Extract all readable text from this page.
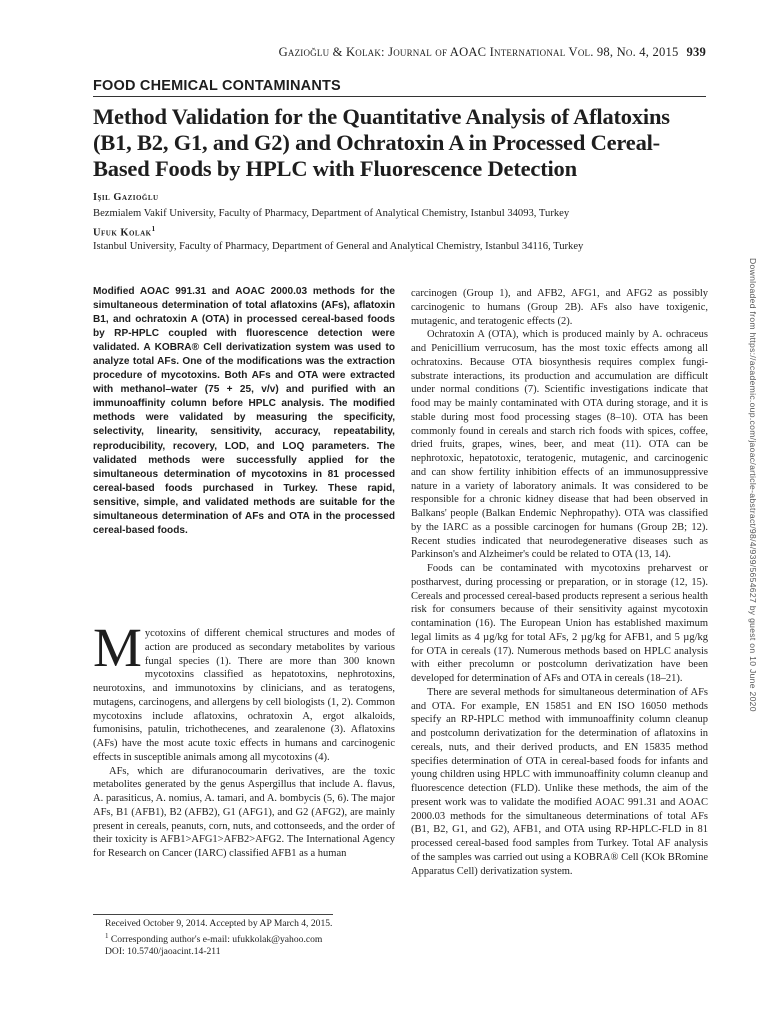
Gazioğlu & Kolak: Journal of AOAC International Vol. 98, No. 4, 2015 939
FOOD CHEMICAL CONTAMINANTS
Method Validation for the Quantitative Analysis of Aflatoxins (B1, B2, G1, and G2) and Ochratoxin A in Processed Cereal-Based Foods by HPLC with Fluorescence Detection
Işil Gazioğlu
Bezmialem Vakif University, Faculty of Pharmacy, Department of Analytical Chemistry, Istanbul 34093, Turkey
Ufuk Kolak$^1$
Istanbul University, Faculty of Pharmacy, Department of General and Analytical Chemistry, Istanbul 34116, Turkey
Modified AOAC 991.31 and AOAC 2000.03 methods for the simultaneous determination of total aflatoxins (AFs), aflatoxin B1, and ochratoxin A (OTA) in processed cereal-based foods by RP-HPLC coupled with fluorescence detection were validated. A KOBRA® Cell derivatization system was used to analyze total AFs. One of the modifications was the extraction procedure of mycotoxins. Both AFs and OTA were extracted with methanol–water (75 + 25, v/v) and purified with an immunoaffinity column before HPLC analysis. The modified methods were validated by measuring the specificity, selectivity, linearity, sensitivity, accuracy, repeatability, reproducibility, recovery, LOD, and LOQ parameters. The validated methods were successfully applied for the simultaneous determination of mycotoxins in 81 processed cereal-based foods purchased in Turkey. These rapid, sensitive, simple, and validated methods are suitable for the simultaneous determination of AFs and OTA in the processed cereal-based foods.

Mycotoxins of different chemical structures and modes of action are produced as secondary metabolites by various fungal species (1). There are more than 300 known mycotoxins classified as hepatotoxins, nephrotoxins, neurotoxins, and immunotoxins by clinicians, and as teratogens, mutagens, carcinogens, and allergens by cell biologists (1, 2). Common mycotoxins include aflatoxins, ochratoxin A, ergot alkaloids, fumonisins, patulin, trichothecenes, and zearalenone (3). Aflatoxins (AFs) have the most acute toxic effects in humans and carcinogenic effects in susceptible animals among all mycotoxins (4).

AFs, which are difuranocoumarin derivatives, are the toxic metabolites generated by the genus Aspergillus that include A. flavus, A. parasiticus, A. nomius, A. tamari, and A. bombycis (5, 6). The major AFs, B1 (AFB1), B2 (AFB2), G1 (AFG1), and G2 (AFG2), are mainly present in cereals, peanuts, corn, nuts, and cottonseeds, and the order of their toxicity is AFB1>AFG1>AFB2>AFG2. The International Agency for Research on Cancer (IARC) classified AFB1 as a human

carcinogen (Group 1), and AFB2, AFG1, and AFG2 as possibly carcinogenic to humans (Group 2B). AFs also have toxigenic, mutagenic, and teratogenic effects (2).

Ochratoxin A (OTA), which is produced mainly by A. ochraceus and Penicillium verrucosum, has the most toxic effects among all ochratoxins. Because OTA biosynthesis requires complex fungi-substrate interactions, its production and accumulation are difficult under normal conditions (7). Scientific investigations indicate that food may be mainly contaminated with OTA during storage, and it is stable during most food processing stages (8–10). OTA has been commonly found in cereals and starch rich foods with spices, coffee, dried fruits, grapes, wines, beer, and meat (11). OTA can be nephrotoxic, hepatotoxic, teratogenic, mutagenic, and carcinogenic and can show fertility inhibition effects of an immunosuppressive nature in a variety of laboratory animals. It was considered to be responsible for a chronic kidney disease that had been observed in Balkans' people (Balkan Endemic Nephropathy). OTA was classified by the IARC as a possible carcinogen for humans (Group 2B; 12). Recent studies indicated that neurodegenerative diseases such as Parkinson's and Alzheimer's could be related to OTA (13, 14).

Foods can be contaminated with mycotoxins preharvest or postharvest, during processing or preparation, or in storage (12, 15). Cereals and processed cereal-based products represent a serious health risk for consumers because of their sensitivity against mycotoxin contamination (16). The European Union has established maximum legal limits as 4 µg/kg for total AFs, 2 µg/kg for AFB1, and 5 µg/kg for OTA in cereals (17). Numerous methods based on HPLC analysis with either precolumn or postcolumn derivatization have been developed for determination of AFs and OTA in cereals (18–21).

There are several methods for simultaneous determination of AFs and OTA. For example, EN 15851 and EN ISO 16050 methods specify an RP-HPLC method with immunoaffinity column cleanup and postcolumn derivatization for the determination of aflatoxins in cereals, nuts, and their derived products, and EN 15835 method specifies determination of OTA in cereal-based foods for infants and young children using HPLC with immunoaffinity column cleanup and fluorescence detection (FLD). Unlike these methods, the aim of the present work was to validate the modified AOAC 991.31 and AOAC 2000.03 methods for the simultaneous determinations of total AFs (B1, B2, G1, and G2), AFB1, and OTA using RP-HPLC-FLD in 81 processed cereal-based food samples from Turkey. Total AF analysis of the samples was carried out using a KOBRA® Cell (KOk BRomine Apparatus Cell) derivatization system.

Received October 9, 2014. Accepted by AP March 4, 2015.
$^1$ Corresponding author's e-mail: ufukkolak@yahoo.com
DOI: 10.5740/jaoacint.14-211
Downloaded from https://academic.oup.com/jaoac/article-abstract/98/4/939/5654627 by guest on 10 June 2020
